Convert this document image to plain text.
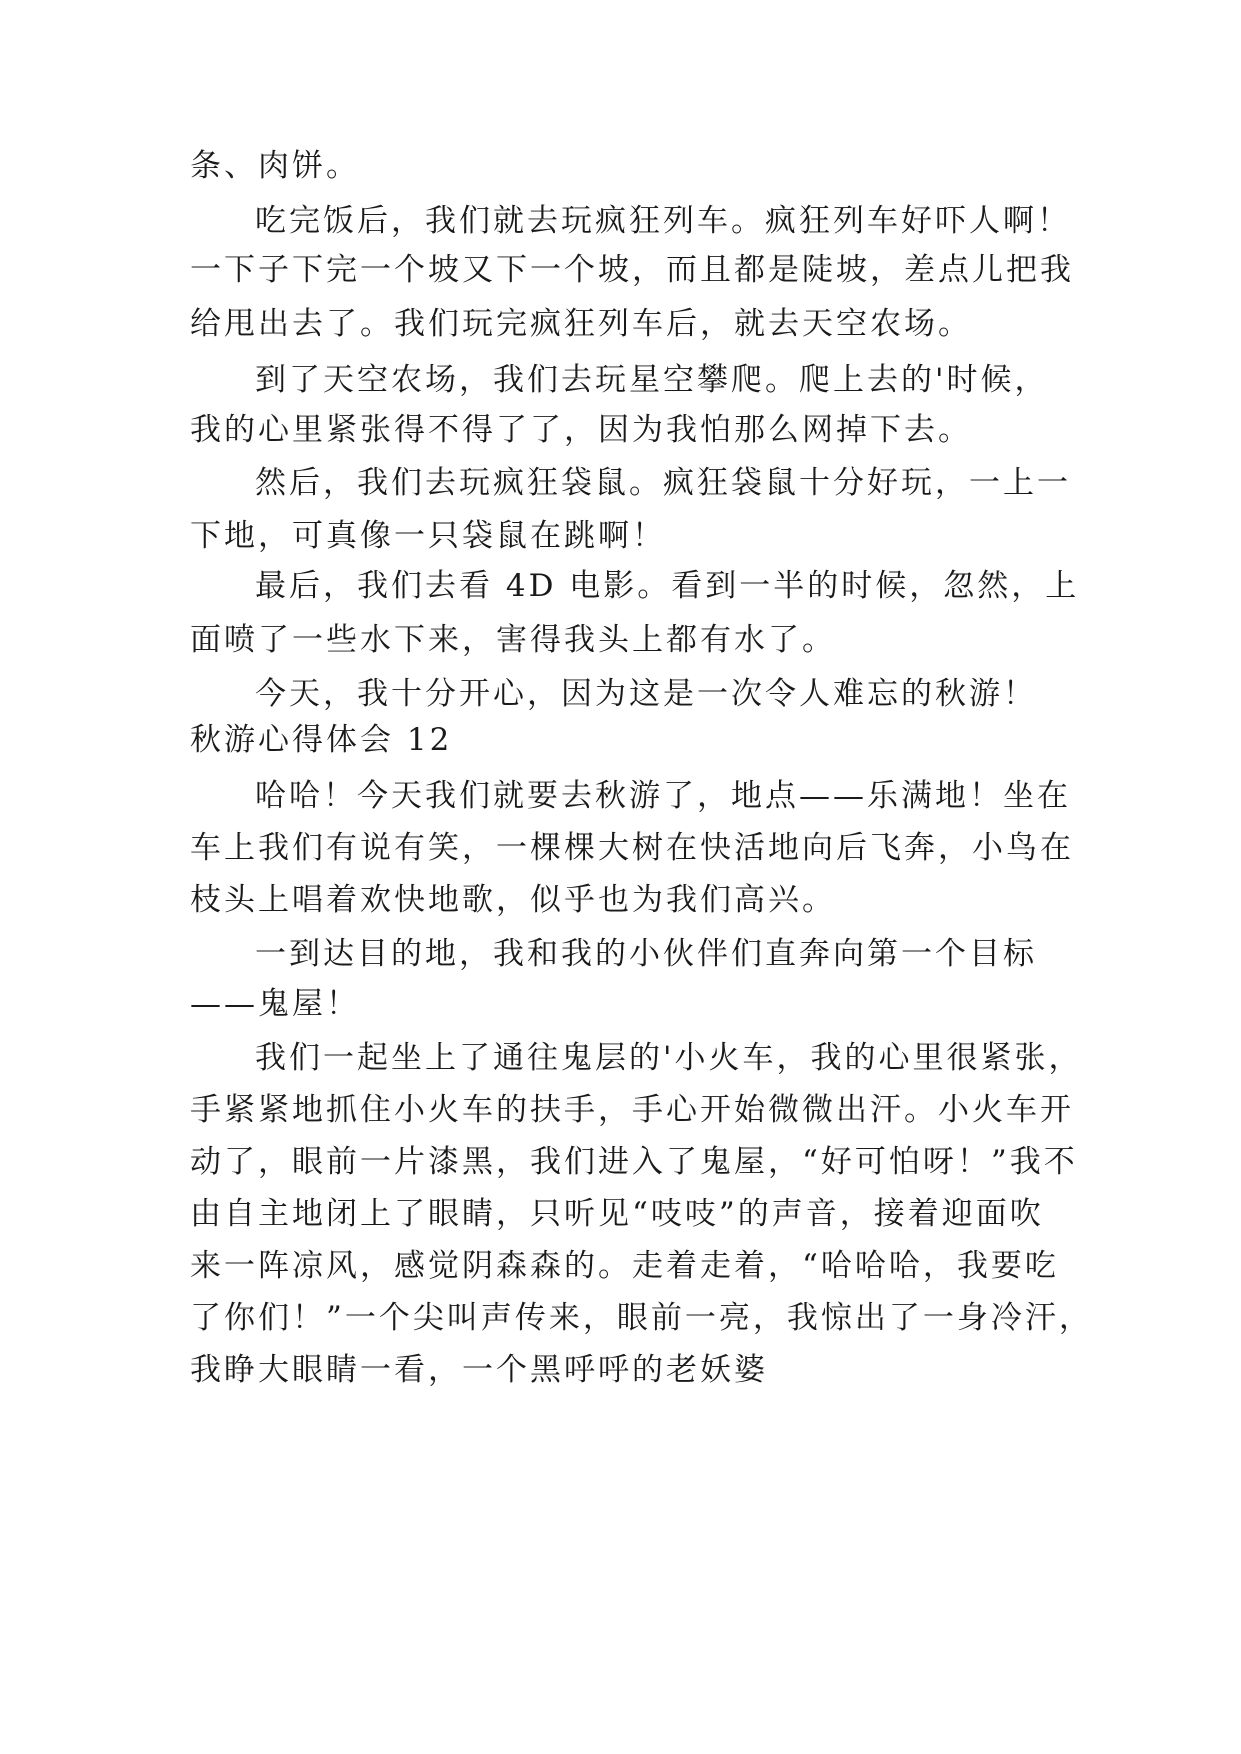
条、肉饼。
吃完饭后，我们就去玩疯狂列车。疯狂列车好吓人啊！
一下子下完一个坡又下一个坡，而且都是陡坡，差点儿把我
给甩出去了。我们玩完疯狂列车后，就去天空农场。
到了天空农场，我们去玩星空攀爬。爬上去的'时候，
我的心里紧张得不得了了，因为我怕那么网掉下去。
然后，我们去玩疯狂袋鼠。疯狂袋鼠十分好玩，一上一
下地，可真像一只袋鼠在跳啊！
最后，我们去看 4D 电影。看到一半的时候，忽然，上
面喷了一些水下来，害得我头上都有水了。
今天，我十分开心，因为这是一次令人难忘的秋游！
秋游心得体会 12
哈哈！今天我们就要去秋游了，地点——乐满地！坐在
车上我们有说有笑，一棵棵大树在快活地向后飞奔，小鸟在
枝头上唱着欢快地歌，似乎也为我们高兴。
一到达目的地，我和我的小伙伴们直奔向第一个目标
——鬼屋！
我们一起坐上了通往鬼层的'小火车，我的心里很紧张，
手紧紧地抓住小火车的扶手，手心开始微微出汗。小火车开
动了，眼前一片漆黑，我们进入了鬼屋，“好可怕呀！”我不
由自主地闭上了眼睛，只听见“吱吱”的声音，接着迎面吹
来一阵凉风，感觉阴森森的。走着走着，“哈哈哈，我要吃
了你们！”一个尖叫声传来，眼前一亮，我惊出了一身冷汗，
我睁大眼睛一看，一个黑呼呼的老妖婆
